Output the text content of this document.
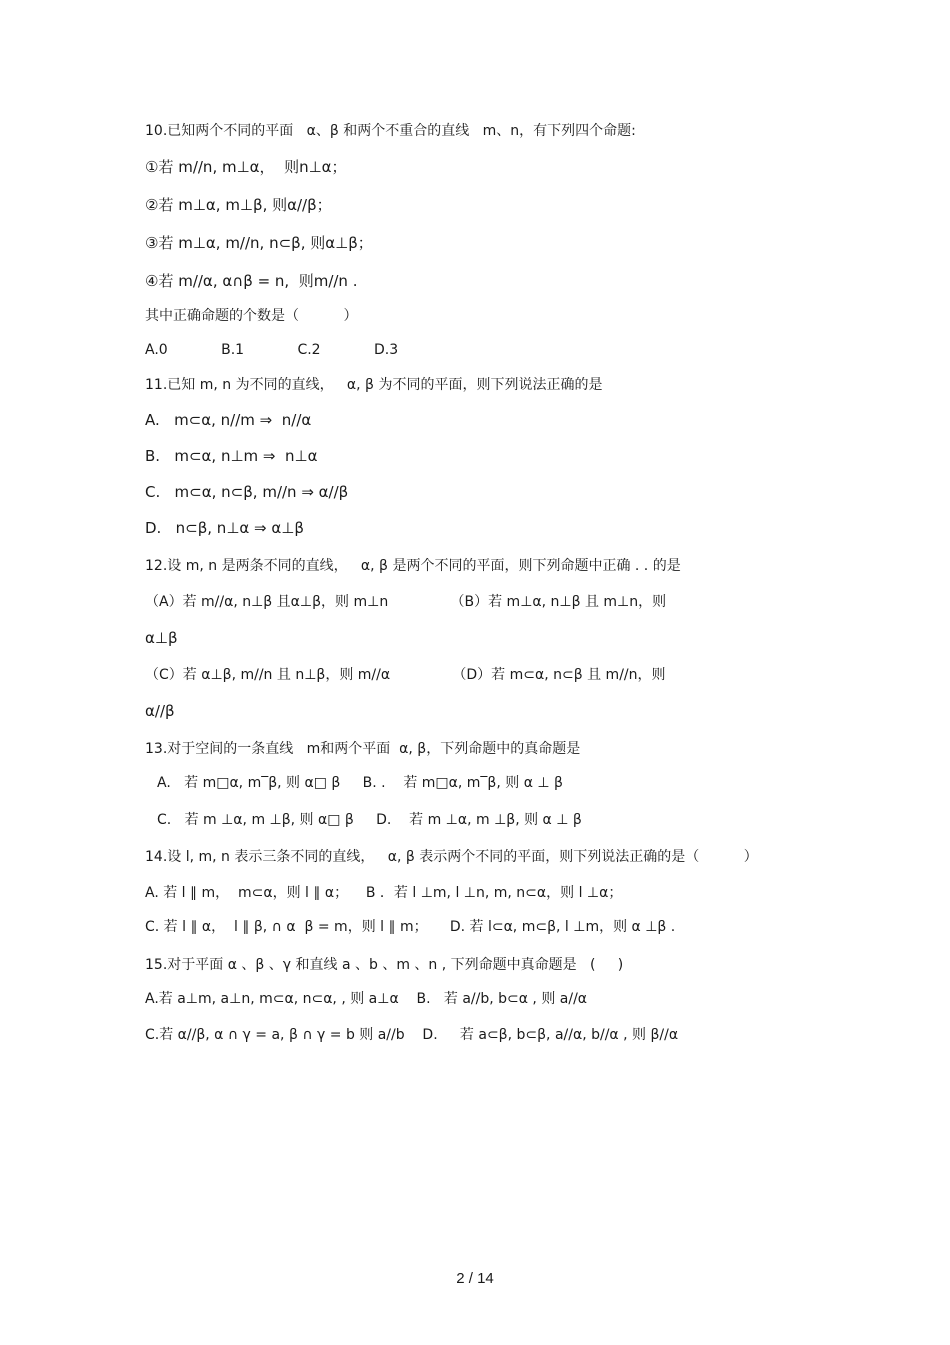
10.已知两个不同的平面   α、β 和两个不重合的直线   m、n，有下列四个命题:
①若 m//n, m⊥α，  则n⊥α；
②若 m⊥α, m⊥β, 则α//β；
③若 m⊥α, m//n, n⊂β, 则α⊥β；
④若 m//α, α∩β = n,  则m//n .
其中正确命题的个数是（          ）
A.0            B.1            C.2            D.3
11.已知 m, n 为不同的直线，   α, β 为不同的平面，则下列说法正确的是
A.   m⊂α, n//m ⇒  n//α
B.   m⊂α, n⊥m ⇒  n⊥α
C.   m⊂α, n⊂β, m//n ⇒ α//β
D.   n⊂β, n⊥α ⇒ α⊥β
12.设 m, n 是两条不同的直线，   α, β 是两个不同的平面，则下列命题中正确 . . 的是
（A）若 m//α, n⊥β 且α⊥β，则 m⊥n              （B）若 m⊥α, n⊥β 且 m⊥n，则
α⊥β
（C）若 α⊥β, m//n 且 n⊥β，则 m//α              （D）若 m⊂α, n⊂β 且 m//n，则
α//β
13.对于空间的一条直线   m和两个平面  α, β，下列命题中的真命题是
A.   若 m□α, m‾β, 则 α□ β     B. .    若 m□α, m‾β, 则 α ⊥ β
C.   若 m ⊥α, m ⊥β, 则 α□ β     D.    若 m ⊥α, m ⊥β, 则 α ⊥ β
14.设 l, m, n 表示三条不同的直线，   α, β 表示两个不同的平面，则下列说法正确的是（          ）
A. 若 l ∥ m，  m⊂α，则 l ∥ α；    B ．若 l ⊥m, l ⊥n, m, n⊂α，则 l ⊥α；
C. 若 l ∥ α，  l ∥ β, ∩ α  β = m，则 l ∥ m；     D. 若 l⊂α, m⊂β, l ⊥m，则 α ⊥β .
15.对于平面 α 、β 、γ 和直线 a 、b 、m 、n , 下列命题中真命题是   (     )
A.若 a⊥m, a⊥n, m⊂α, n⊂α, , 则 a⊥α    B.   若 a//b, b⊂α , 则 a//α
C.若 α//β, α ∩ γ = a, β ∩ γ = b 则 a//b    D.     若 a⊂β, b⊂β, a//α, b//α , 则 β//α
2 / 14
